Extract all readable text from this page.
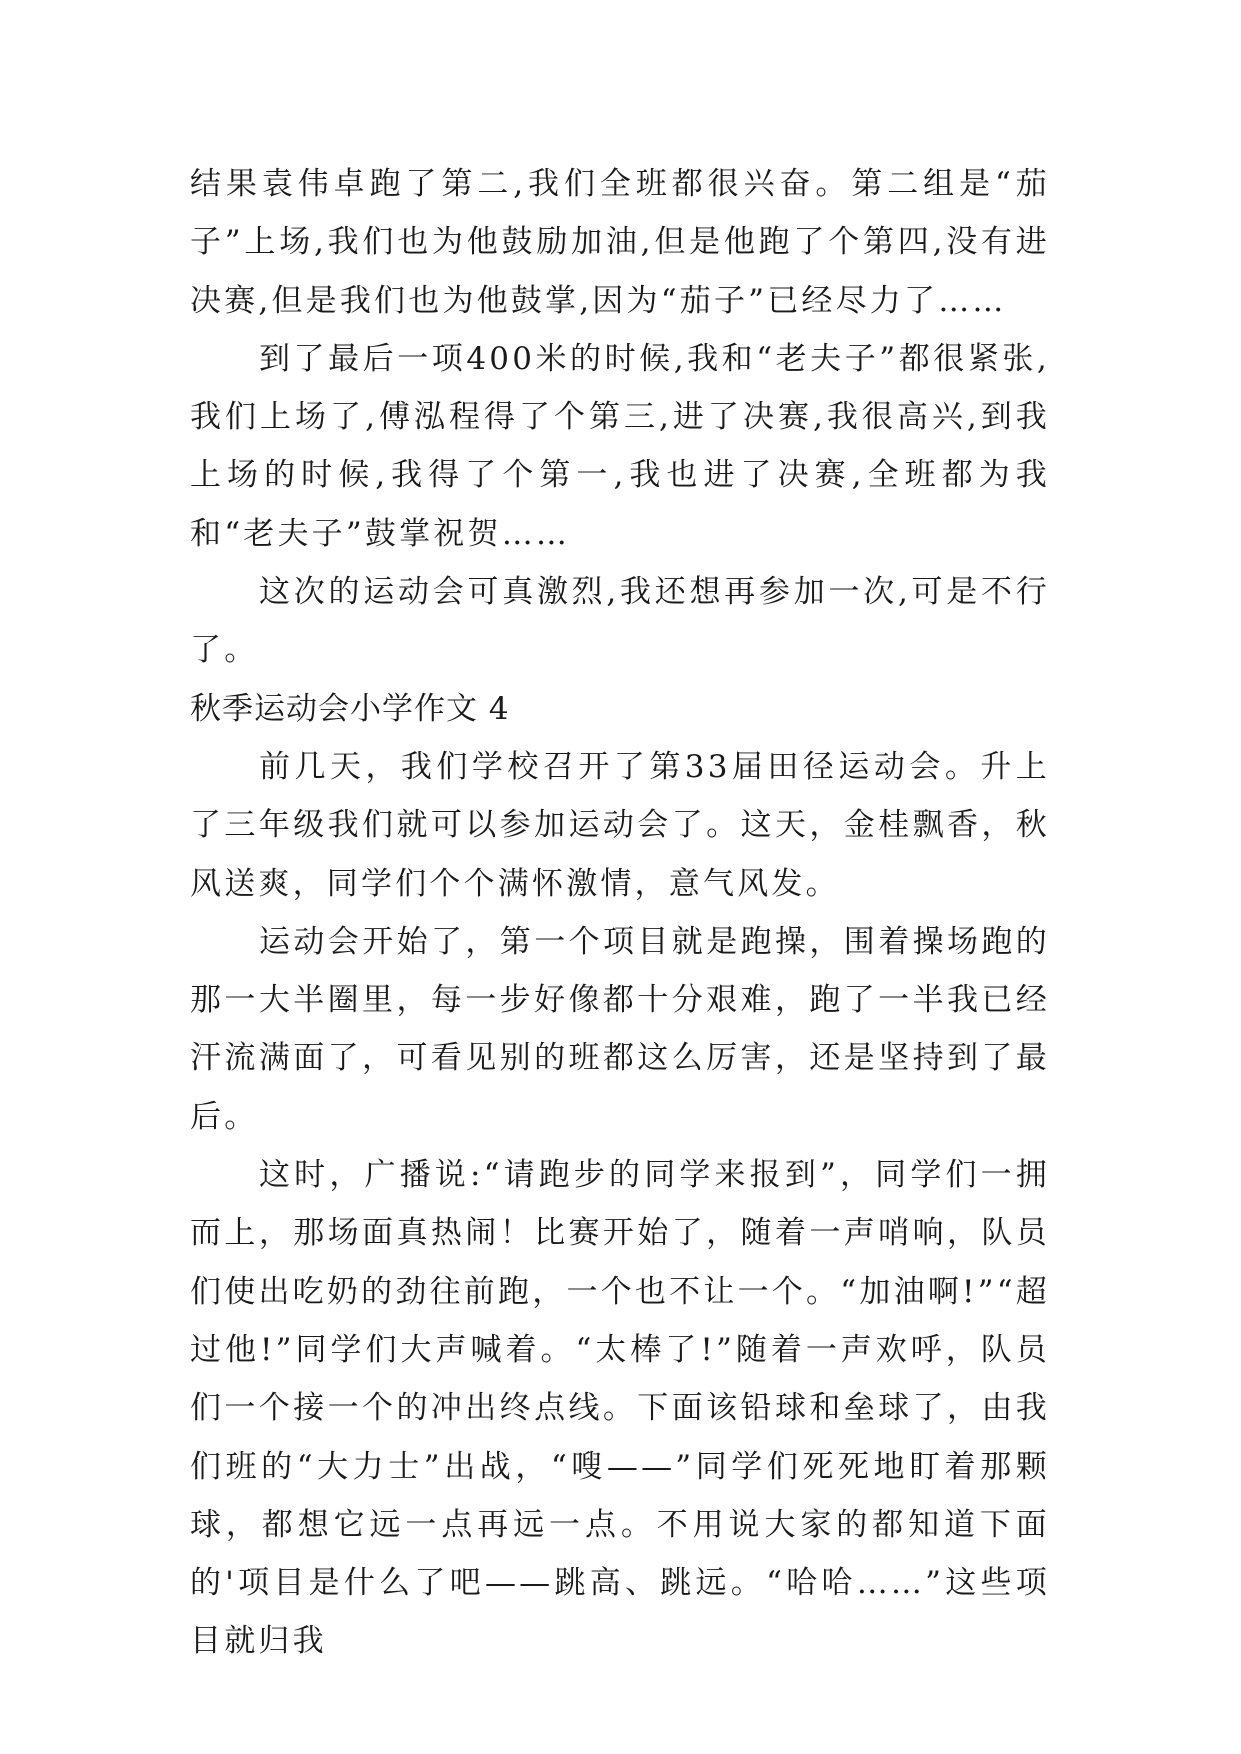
结果袁伟卓跑了第二,我们全班都很兴奋。第二组是“茄子”上场,我们也为他鼓励加油,但是他跑了个第四,没有进决赛,但是我们也为他鼓掌,因为“茄子”已经尽力了……

到了最后一项400米的时候,我和“老夫子”都很紧张,我们上场了,傅泓程得了个第三,进了决赛,我很高兴,到我上场的时候,我得了个第一,我也进了决赛,全班都为我和“老夫子”鼓掌祝贺……

这次的运动会可真激烈,我还想再参加一次,可是不行了。

秋季运动会小学作文 4

前几天，我们学校召开了第33届田径运动会。升上了三年级我们就可以参加运动会了。这天，金桂飘香，秋风送爽，同学们个个满怀激情，意气风发。

运动会开始了，第一个项目就是跑操，围着操场跑的那一大半圈里，每一步好像都十分艰难，跑了一半我已经汗流满面了，可看见别的班都这么厉害，还是坚持到了最后。

这时，广播说:“请跑步的同学来报到”，同学们一拥而上，那场面真热闹！比赛开始了，随着一声哨响，队员们使出吃奶的劲往前跑，一个也不让一个。“加油啊!”“超过他!”同学们大声喊着。“太棒了!”随着一声欢呼，队员们一个接一个的冲出终点线。下面该铅球和垒球了，由我们班的“大力士”出战，“嗖——”同学们死死地盯着那颗球，都想它远一点再远一点。不用说大家的都知道下面的'项目是什么了吧——跳高、跳远。“哈哈……”这些项目就归我
